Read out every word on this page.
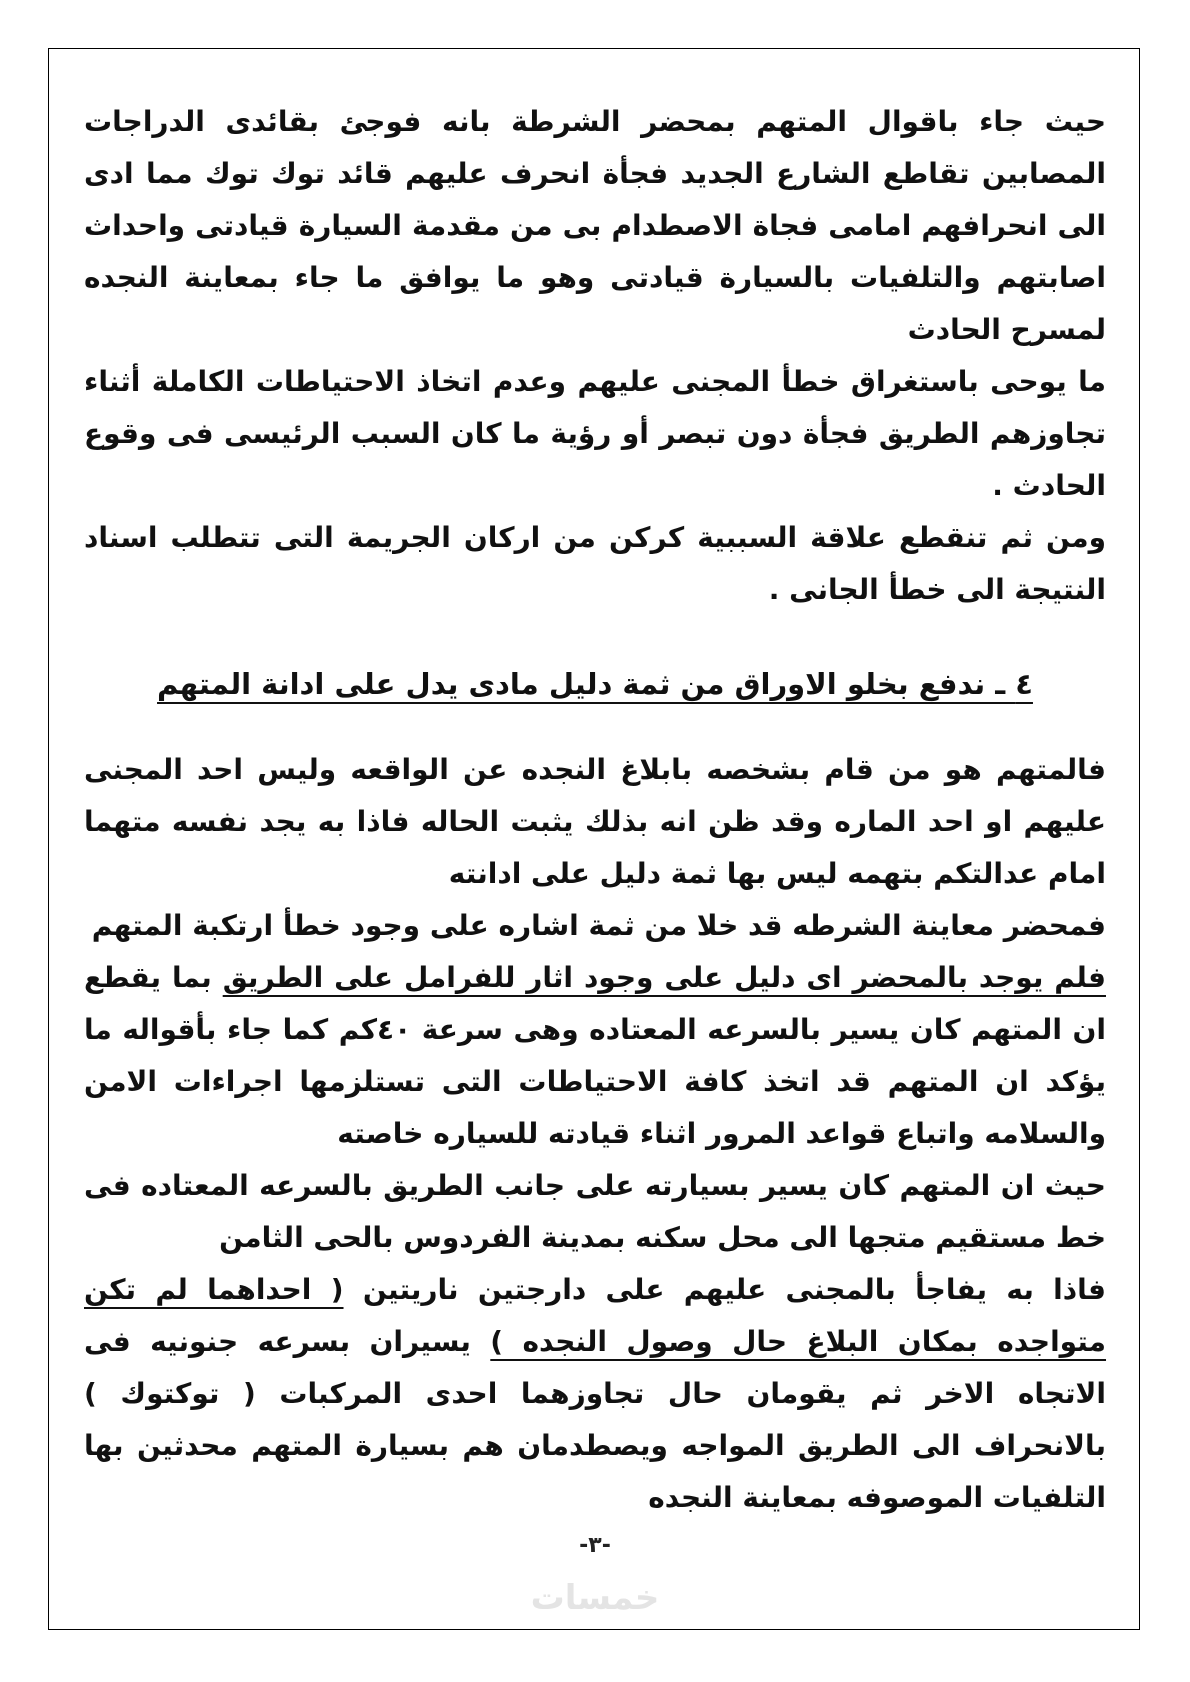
حيث جاء باقوال المتهم بمحضر الشرطة بانه فوجئ بقائدى الدراجات المصابين تقاطع الشارع الجديد فجأة انحرف عليهم قائد توك توك مما ادى الى انحرافهم امامى فجاة الاصطدام بى من مقدمة السيارة قيادتى واحداث اصابتهم والتلفيات بالسيارة قيادتى وهو ما يوافق ما جاء بمعاينة النجده لمسرح الحادث

ما يوحى باستغراق خطأ المجنى عليهم وعدم اتخاذ الاحتياطات الكاملة أثناء تجاوزهم الطريق فجأة دون تبصر أو رؤية ما كان السبب الرئيسى فى وقوع الحادث .

ومن ثم تنقطع علاقة السببية كركن من اركان الجريمة التى تتطلب اسناد النتيجة الى خطأ الجانى .

٤ ـ ندفع بخلو الاوراق من ثمة دليل مادى يدل على ادانة المتهم

فالمتهم هو من قام بشخصه بابلاغ النجده عن الواقعه وليس احد المجنى عليهم او احد الماره وقد ظن انه بذلك يثبت الحاله فاذا به يجد نفسه متهما امام عدالتكم بتهمه ليس بها ثمة دليل على ادانته

فمحضر معاينة الشرطه قد خلا من ثمة اشاره على وجود خطأ ارتكبة المتهم

فلم يوجد بالمحضر اى دليل على وجود اثار للفرامل على الطريق بما يقطع ان المتهم كان يسير بالسرعه المعتاده وهى سرعة ٤٠كم كما جاء بأقواله ما يؤكد ان المتهم قد اتخذ كافة الاحتياطات التى تستلزمها اجراءات الامن والسلامه واتباع قواعد المرور اثناء قيادته للسياره خاصته

حيث ان المتهم كان يسير بسيارته على جانب الطريق بالسرعه المعتاده فى خط مستقيم متجها الى محل سكنه بمدينة الفردوس بالحى الثامن

فاذا به يفاجأ بالمجنى عليهم على دارجتين ناريتين ( احداهما لم تكن متواجده بمكان البلاغ حال وصول النجده ) يسيران بسرعه جنونيه فى الاتجاه الاخر ثم يقومان حال تجاوزهما احدى المركبات ( توكتوك ) بالانحراف الى الطريق المواجه ويصطدمان هم بسيارة المتهم محدثين بها التلفيات الموصوفه بمعاينة النجده

-٣-
خمسات
